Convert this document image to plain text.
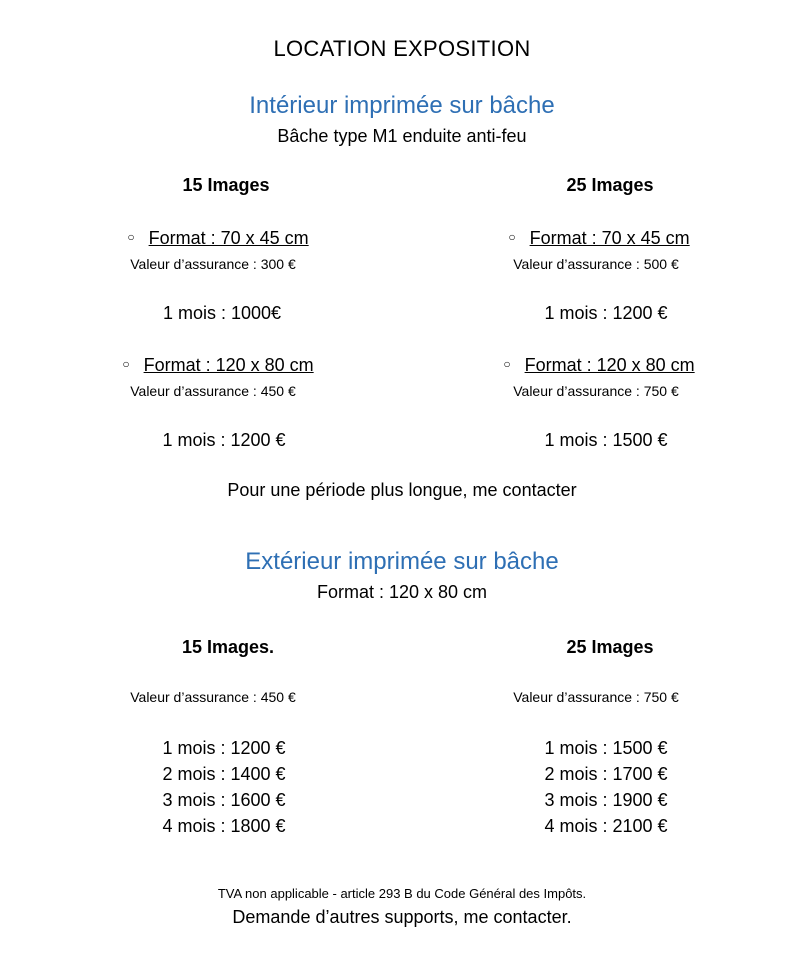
LOCATION EXPOSITION
Intérieur imprimée sur bâche
Bâche type M1 enduite anti-feu
15 Images
○ Format : 70 x 45 cm
Valeur d’assurance : 300 €
1 mois : 1000€
○ Format : 120 x 80 cm
Valeur d’assurance : 450 €
1 mois : 1200 €
25 Images
○ Format : 70 x 45 cm
Valeur d’assurance : 500 €
1 mois : 1200 €
○ Format : 120 x 80 cm
Valeur d’assurance : 750 €
1 mois : 1500 €
Pour une période plus longue, me contacter
Extérieur imprimée sur bâche
Format : 120 x 80 cm
15 Images.
Valeur d’assurance : 450 €
1 mois : 1200 €
2 mois : 1400 €
3 mois : 1600 €
4 mois : 1800 €
25 Images
Valeur d’assurance : 750 €
1 mois : 1500 €
2 mois : 1700 €
3 mois : 1900 €
4 mois : 2100 €
TVA non applicable - article 293 B du Code Général des Impôts.
Demande d’autres supports, me contacter.
